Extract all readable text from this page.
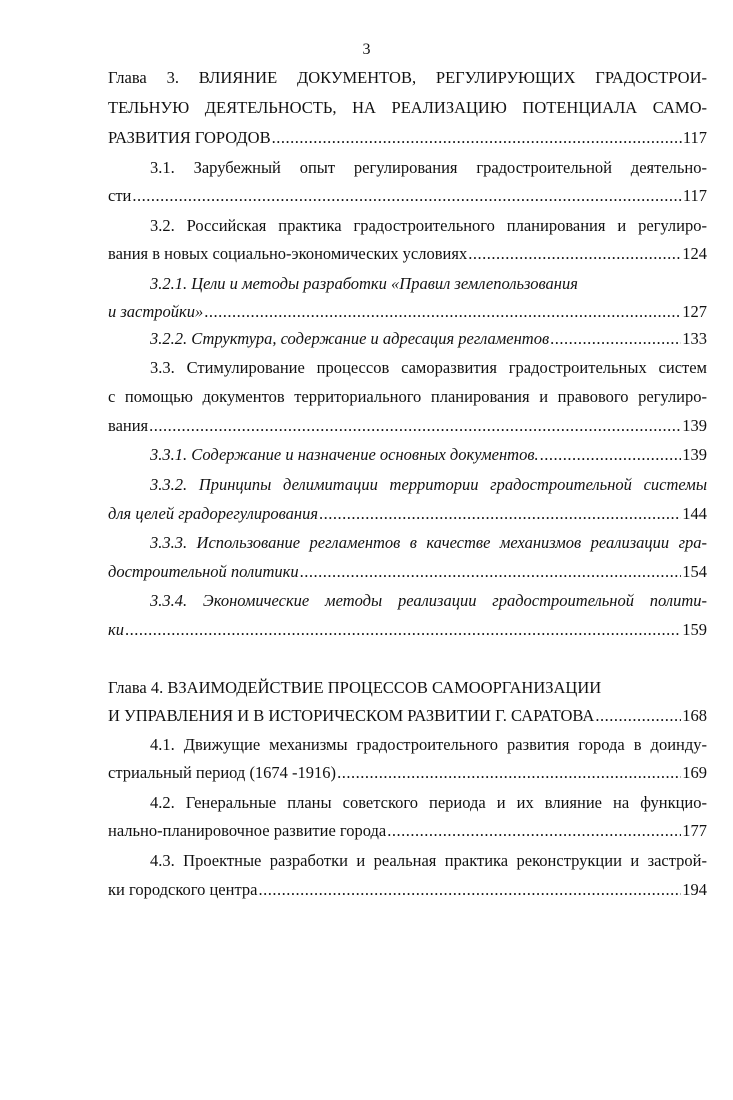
3
Глава 3. ВЛИЯНИЕ ДОКУМЕНТОВ, РЕГУЛИРУЮЩИХ ГРАДОСТРОИ-
ТЕЛЬНУЮ ДЕЯТЕЛЬНОСТЬ, НА РЕАЛИЗАЦИЮ ПОТЕНЦИАЛА САМО-
РАЗВИТИЯ ГОРОДОВ .....	117
3.1. Зарубежный опыт регулирования градостроительной деятельно-
сти .....	117
3.2. Российская практика градостроительного планирования и регулиро-
вания в новых социально-экономических условиях .....	124
3.2.1. Цели и методы разработки «Правил землепользования
и застройки» .....	127
3.2.2. Структура, содержание и адресация регламентов .....	133
3.3. Стимулирование процессов саморазвития градостроительных систем
с помощью документов территориального планирования и правового регулиро-
вания .....	139
3.3.1. Содержание и назначение основных документов. .....	139
3.3.2. Принципы делимитации территории градостроительной системы
для целей градорегулирования .....	144
3.3.3. Использование регламентов в качестве механизмов реализации гра-
достроительной политики .....	154
3.3.4. Экономические методы реализации градостроительной полити-
ки .....	159
Глава 4. ВЗАИМОДЕЙСТВИЕ ПРОЦЕССОВ САМООРГАНИЗАЦИИ
И УПРАВЛЕНИЯ И В ИСТОРИЧЕСКОМ РАЗВИТИИ Г. САРАТОВА .....	168
4.1. Движущие механизмы градостроительного развития города в доинду-
стриальный период (1674 -1916) .....	169
4.2. Генеральные планы советского периода и их влияние на функцио-
нально-планировочное развитие города .....	177
4.3. Проектные разработки и реальная практика реконструкции и застрой-
ки городского центра .....	194
